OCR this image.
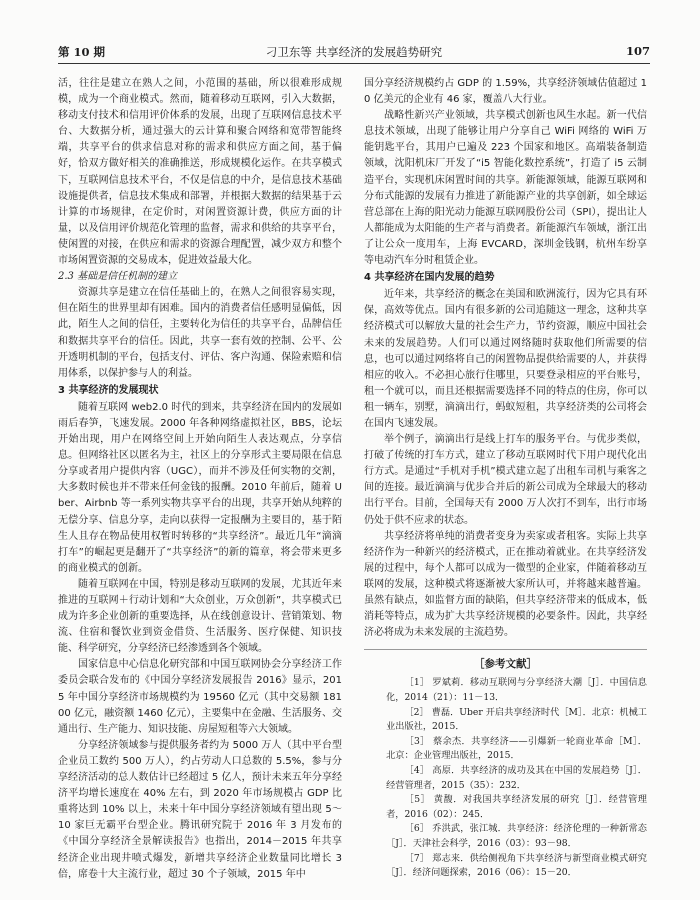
第 10 期	刁卫东等 共享经济的发展趋势研究	107

活，往往是建立在熟人之间，小范围的基础，所以很难形成规模，成为一个商业模式。然而，随着移动互联网，引入大数据，移动支付技术和信用评价体系的发展，出现了互联网信息技术平台、大数据分析，通过强大的云计算和聚合网络和宽带智能终端，共享平台的供求信息对称的需求和供应方面之间，基于偏好，恰双方做好相关的准确推送，形成规模化运作。在共享模式下，互联网信息技术平台，不仅是信息的中介，是信息技术基础设施提供者，信息技术集成和部署，并根据大数据的结果基于云计算的市场规律，在定价时，对闲置资源计费，供应方面的计量，以及信用评价规范化管理的监督，需求和供给的共享平台，使闲置的对接，在供应和需求的资源合理配置，减少双方和整个市场闲置资源的交易成本，促进效益最大化。

2.3 基础是信任机制的建立

资源共享是建立在信任基础上的，在熟人之间很容易实现，但在陌生的世界里却有困难。国内的消费者信任感明显偏低，因此，陌生人之间的信任，主要转化为信任的共享平台，品牌信任和数据共享平台的信任。因此，共享一套有效的控制、公平、公开透明机制的平台，包括支付、评估、客户沟通、保险索赔和信用体系，以保护参与人的利益。

3 共享经济的发展现状

随着互联网 web2.0 时代的到来，共享经济在国内的发展如雨后春笋，飞速发展。2000 年各种网络虚拟社区，BBS，论坛开始出现，用户在网络空间上开始向陌生人表达观点，分享信息。但网络社区以匿名为主，社区上的分享形式主要局限在信息分享或者用户提供内容（UGC），而并不涉及任何实物的交割，大多数时候也并不带来任何金钱的报酬。2010 年前后，随着 Uber、Airbnb 等一系列实物共享平台的出现，共享开始从纯粹的无偿分享、信息分享，走向以获得一定报酬为主要目的，基于陌生人且存在物品使用权暂时转移的“共享经济”。最近几年“滴滴打车”的崛起更是翻开了“共享经济”的新的篇章，将会带来更多的商业模式的创新。

随着互联网在中国，特别是移动互联网的发展，尤其近年来推进的互联网＋行动计划和“大众创业，万众创新”，共享模式已成为许多企业创新的重要选择，从在线创意设计、营销策划、物流、住宿和餐饮业到资金借贷、生活服务、医疗保健、知识技能、科学研究，分享经济已经渗透到各个领域。

国家信息中心信息化研究部和中国互联网协会分享经济工作委员会联合发布的《中国分享经济发展报告 2016》显示，2015 年中国分享经济市场规模约为 19560 亿元（其中交易额 18100 亿元，融资额 1460 亿元），主要集中在金融、生活服务、交通出行、生产能力、知识技能、房屋短租等六大领域。

分享经济领域参与提供服务者约为 5000 万人（其中平台型企业员工数约 500 万人），约占劳动人口总数的 5.5%，参与分享经济活动的总人数估计已经超过 5 亿人，预计未来五年分享经济平均增长速度在 40% 左右，到 2020 年市场规模占 GDP 比重将达到 10% 以上，未来十年中国分享经济领域有望出现 5～10 家巨无霸平台型企业。腾讯研究院于 2016 年 3 月发布的《中国分享经济全景解读报告》也指出，2014－2015 年共享经济企业出现井喷式爆发，新增共享经济企业数量同比增长 3 倍，席卷十大主流行业，超过 30 个子领域，2015 年中

国分享经济规模约占 GDP 的 1.59%，共享经济领域估值超过 10 亿美元的企业有 46 家，覆盖八大行业。

战略性新兴产业领域，共享模式创新也风生水起。新一代信息技术领域，出现了能够让用户分享自己 WiFi 网络的 WiFi 万能钥匙平台，其用户已遍及 223 个国家和地区。高端装备制造领域，沈阳机床厂开发了“i5 智能化数控系统”，打造了 i5 云制造平台，实现机床闲置时间的共享。新能源领域，能源互联网和分布式能源的发展有力推进了新能源产业的共享创新，如全球运营总部在上海的阳光动力能源互联网股份公司（SPI），提出让人人都能成为太阳能的生产者与消费者。新能源汽车领域，浙江出了让公众一度用车，上海 EVCARD，深圳金钱钢，杭州车纷享等电动汽车分时租赁企业。

4 共享经济在国内发展的趋势

近年来，共享经济的概念在美国和欧洲流行，因为它具有环保，高效等优点。国内有很多新的公司追随这一理念，这种共享经济模式可以解放大量的社会生产力，节约资源，顺应中国社会未来的发展趋势。人们可以通过网络随时获取他们所需要的信息，也可以通过网络将自己的闲置物品提供给需要的人，并获得相应的收入。不必担心旅行住哪里，只要登录相应的平台账号，租一个就可以，而且还根据需要选择不同的特点的住房，你可以租一辆车，别墅，滴滴出行，蚂蚁短租，共享经济类的公司将会在国内飞速发展。

举个例子，滴滴出行是线上打车的服务平台。与优步类似，打破了传统的打车方式，建立了移动互联网时代下用户现代化出行方式。是通过“手机对手机”模式建立起了出租车司机与乘客之间的连接。最近滴滴与优步合并后的新公司成为全球最大的移动出行平台。目前，全国每天有 2000 万人次打不到车，出行市场仍处于供不应求的状态。

共享经济将单纯的消费者变身为卖家或者租客。实际上共享经济作为一种新兴的经济模式，正在推动着就业。在共享经济发展的过程中，每个人都可以成为一微型的企业家，伴随着移动互联网的发展，这种模式将逐渐被大家所认可，并将越来越普遍。虽然有缺点，如监督方面的缺陷，但共享经济带来的低成本，低消耗等特点，成为扩大共享经济规模的必要条件。因此，共享经济必将成为未来发展的主流趋势。

［参考文献］

［1］ 罗斌莉．移动互联网与分享经济大潮［J］．中国信息化，2014（21）：11－13．

［2］ 曹磊．Uber 开启共享经济时代［M］．北京：机械工业出版社，2015．

［3］ 蔡余杰．共享经济——引爆新一轮商业革命［M］．北京：企业管理出版社，2015．

［4］ 高原．共享经济的成功及其在中国的发展趋势［J］．经营管理者，2015（35）：232．

［5］ 黄馥．对我国共享经济发展的研究［J］．经营管理者，2016（02）：245．

［6］ 乔洪武，张江城．共享经济：经济伦理的一种新常态［J］．天津社会科学，2016（03）：93－98．

［7］ 郑志来．供给侧视角下共享经济与新型商业模式研究［J］．经济问题探索，2016（06）：15－20．
